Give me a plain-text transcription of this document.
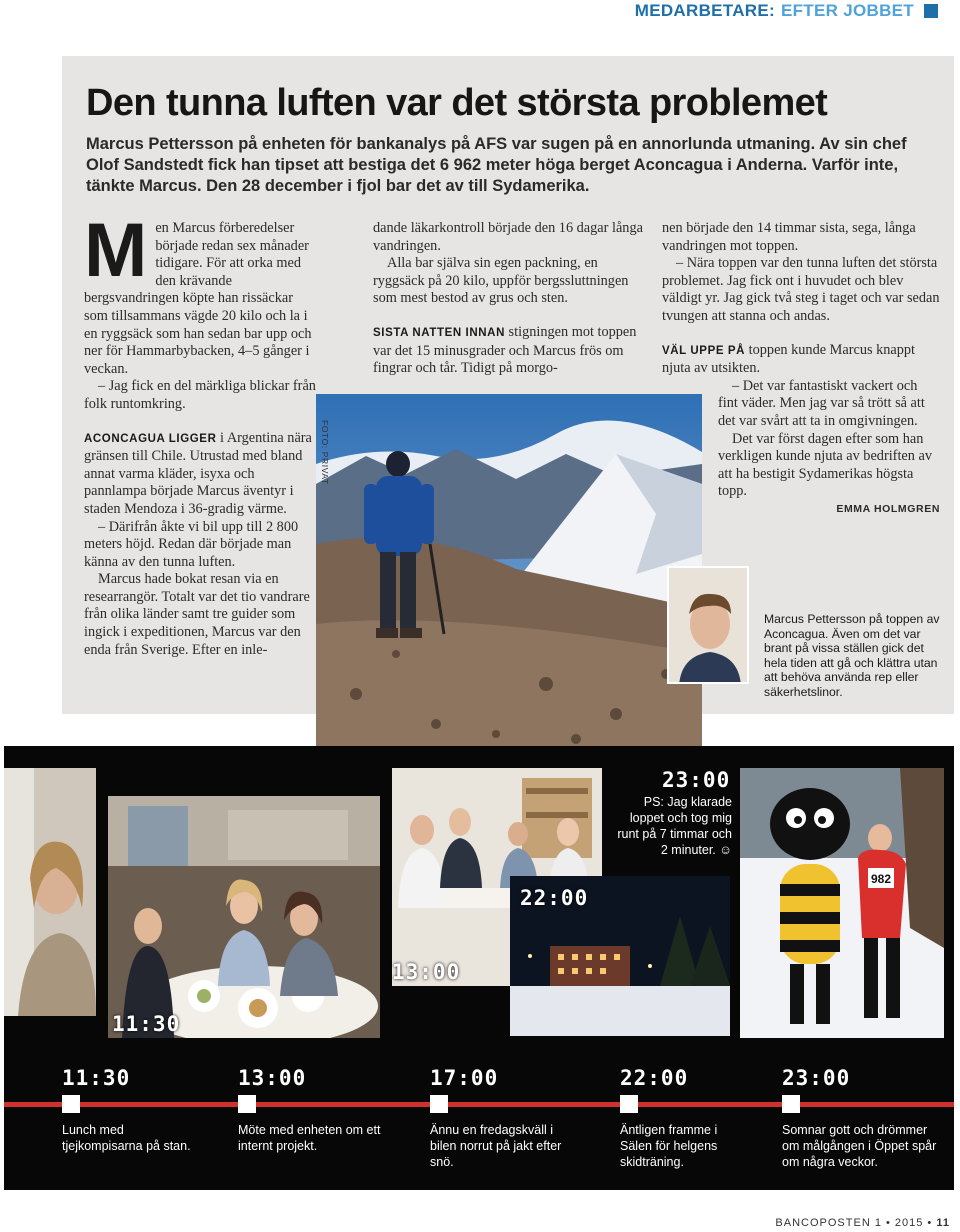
MEDARBETARE: EFTER JOBBET
Den tunna luften var det största problemet

Marcus Pettersson på enheten för bankanalys på AFS var sugen på en annorlunda utmaning. Av sin chef Olof Sandstedt fick han tipset att bestiga det 6 962 meter höga berget Aconcagua i Anderna. Varför inte, tänkte Marcus. Den 28 december i fjol bar det av till Sydamerika.

M en Marcus förberedelser började redan sex månader tidigare. För att orka med den krävande bergsvandringen köpte han rissäckar som tillsammans vägde 20 kilo och la i en ryggsäck som han sedan bar upp och ner för Hammarbybacken, 4–5 gånger i veckan.

– Jag fick en del märkliga blickar från folk runtomkring.

ACONCAGUA LIGGER i Argentina nära gränsen till Chile. Utrustad med bland annat varma kläder, isyxa och pannlampa började Marcus äventyr i staden Mendoza i 36-gradig värme.

– Därifrån åkte vi bil upp till 2 800 meters höjd. Redan där började man känna av den tunna luften.

Marcus hade bokat resan via en researrangör. Totalt var det tio vandrare från olika länder samt tre guider som ingick i expeditionen, Marcus var den enda från Sverige. Efter en inle-

dande läkarkontroll började den 16 dagar långa vandringen.

Alla bar själva sin egen packning, en ryggsäck på 20 kilo, uppför bergssluttningen som mest bestod av grus och sten.

SISTA NATTEN INNAN stigningen mot toppen var det 15 minusgrader och Marcus frös om fingrar och tår. Tidigt på morgo-

nen började den 14 timmar sista, sega, långa vandringen mot toppen.

– Nära toppen var den tunna luften det största problemet. Jag fick ont i huvudet och blev väldigt yr. Jag gick två steg i taget och var sedan tvungen att stanna och andas.

VÄL UPPE PÅ toppen kunde Marcus knappt njuta av utsikten.

– Det var fantastiskt vackert och fint väder. Men jag var så trött så att det var svårt att ta in omgivningen.

Det var först dagen efter som han verkligen kunde njuta av bedriften av att ha bestigit Sydamerikas högsta topp.

EMMA HOLMGREN

FOTO: PRIVAT

Marcus Pettersson på toppen av Aconcagua. Även om det var brant på vissa ställen gick det hela tiden att gå och klättra utan att behöva använda rep eller säkerhetslinor.

11:30
13:00
22:00
23:00

PS: Jag klarade loppet och tog mig runt på 7 timmar och 2 minuter. ☺

982
11:30

Lunch med tjejkompisarna på stan.

13:00

Möte med enheten om ett internt projekt.

17:00

Ännu en fredagskväll i bilen norrut på jakt efter snö.

22:00

Äntligen framme i Sälen för helgens skidträning.

23:00

Somnar gott och drömmer om målgången i Öppet spår om några veckor.

BANCOPOSTEN 1 • 2015 • 11
